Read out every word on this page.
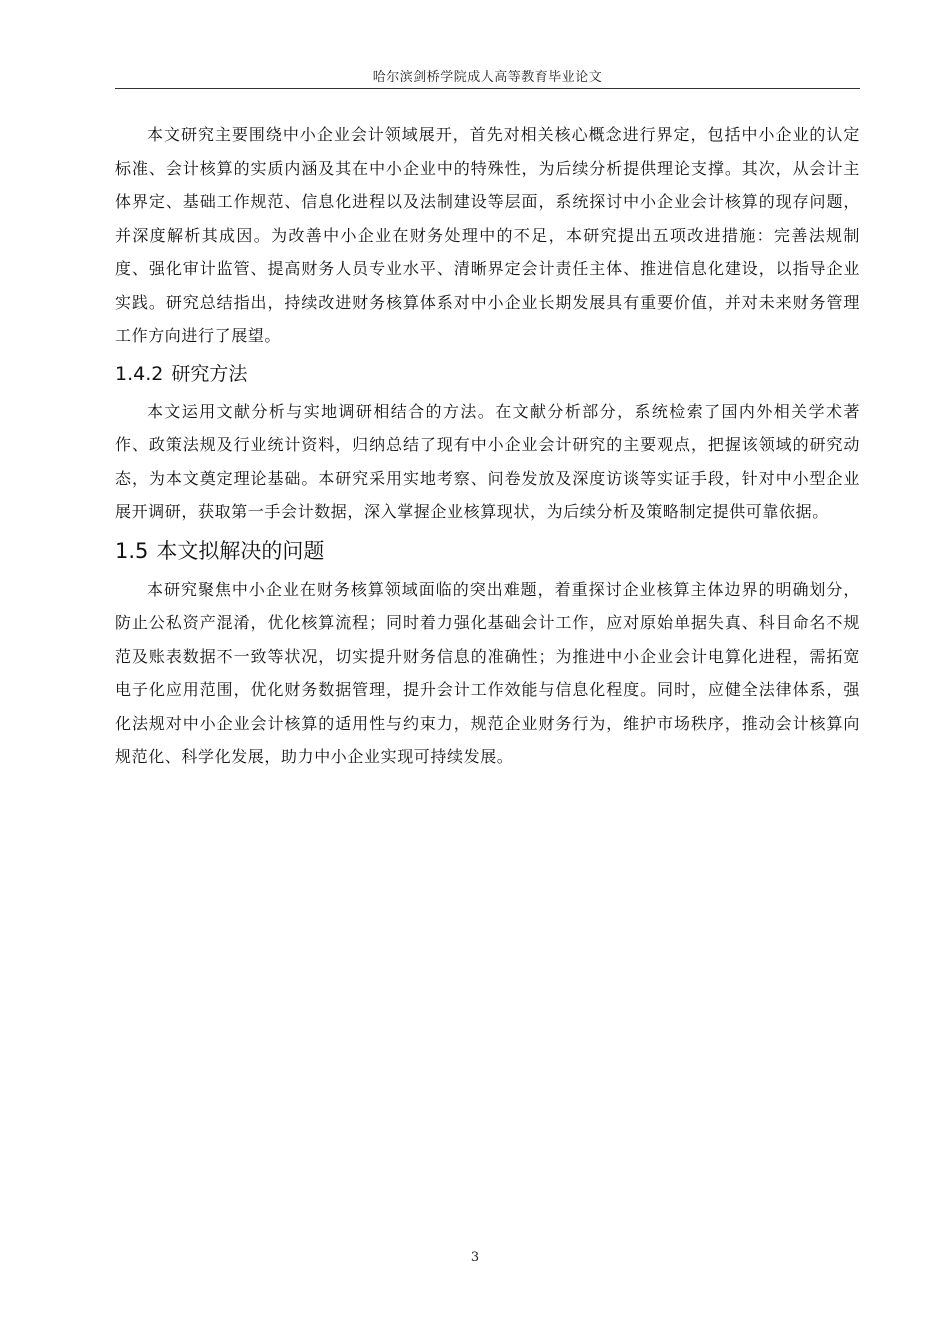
哈尔滨剑桥学院成人高等教育毕业论文

本文研究主要围绕中小企业会计领域展开，首先对相关核心概念进行界定，包括中小企业的认定标准、会计核算的实质内涵及其在中小企业中的特殊性，为后续分析提供理论支撑。其次，从会计主体界定、基础工作规范、信息化进程以及法制建设等层面，系统探讨中小企业会计核算的现存问题，并深度解析其成因。为改善中小企业在财务处理中的不足，本研究提出五项改进措施：完善法规制度、强化审计监管、提高财务人员专业水平、清晰界定会计责任主体、推进信息化建设，以指导企业实践。研究总结指出，持续改进财务核算体系对中小企业长期发展具有重要价值，并对未来财务管理工作方向进行了展望。

1.4.2 研究方法

本文运用文献分析与实地调研相结合的方法。在文献分析部分，系统检索了国内外相关学术著作、政策法规及行业统计资料，归纳总结了现有中小企业会计研究的主要观点，把握该领域的研究动态，为本文奠定理论基础。本研究采用实地考察、问卷发放及深度访谈等实证手段，针对中小型企业展开调研，获取第一手会计数据，深入掌握企业核算现状，为后续分析及策略制定提供可靠依据。

1.5 本文拟解决的问题

本研究聚焦中小企业在财务核算领域面临的突出难题，着重探讨企业核算主体边界的明确划分，防止公私资产混淆，优化核算流程；同时着力强化基础会计工作，应对原始单据失真、科目命名不规范及账表数据不一致等状况，切实提升财务信息的准确性；为推进中小企业会计电算化进程，需拓宽电子化应用范围，优化财务数据管理，提升会计工作效能与信息化程度。同时，应健全法律体系，强化法规对中小企业会计核算的适用性与约束力，规范企业财务行为，维护市场秩序，推动会计核算向规范化、科学化发展，助力中小企业实现可持续发展。

3
